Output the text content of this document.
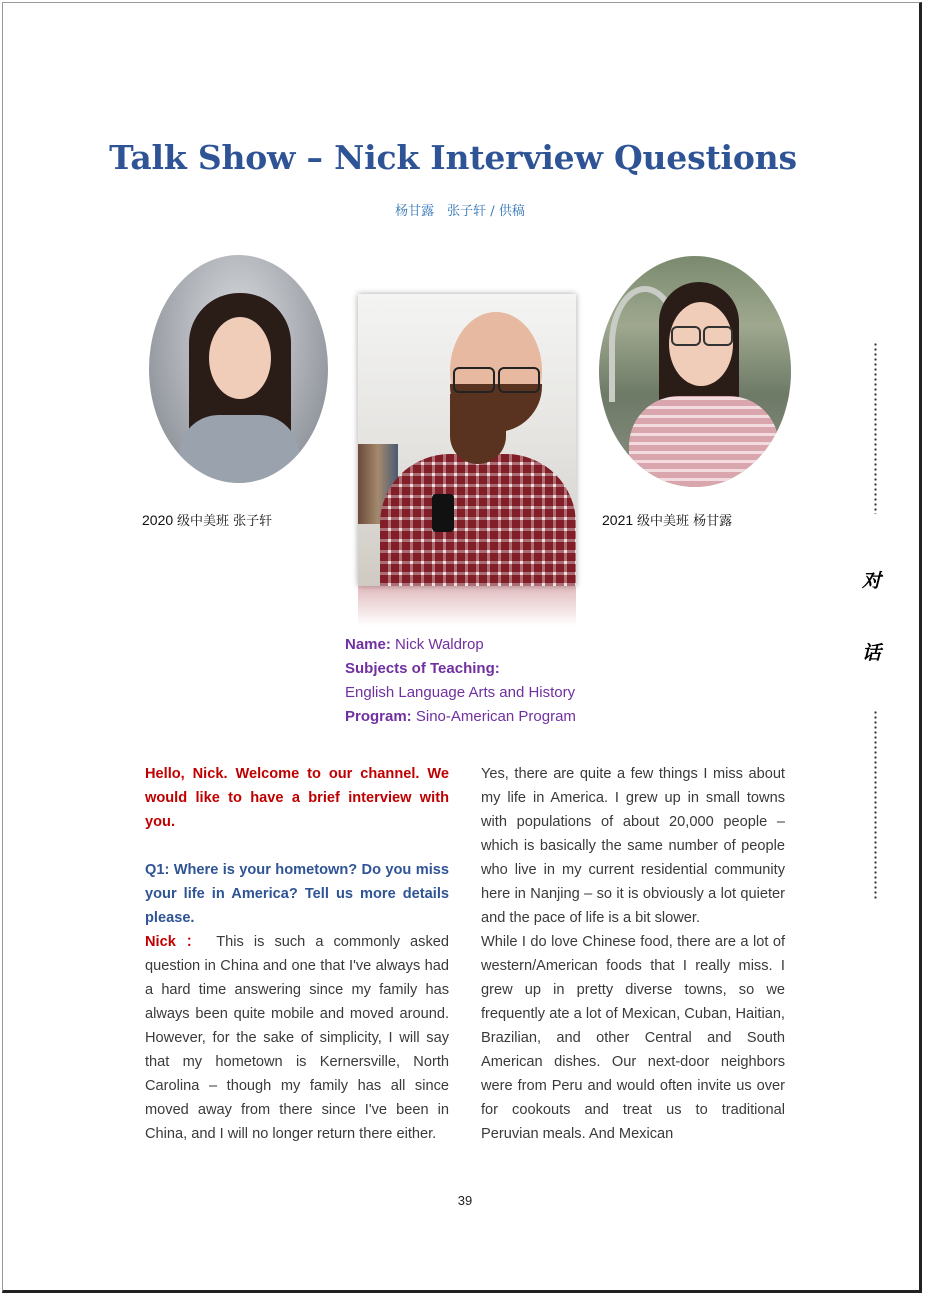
Talk Show – Nick Interview Questions
杨甘露　张子轩 / 供稿
2020 级中美班 张子轩	2021 级中美班 杨甘露
Name: Nick Waldrop
Subjects of Teaching:
English Language Arts and History
Program: Sino-American Program
对
话

Hello, Nick. Welcome to our channel. We would like to have a brief interview with you.

Q1: Where is your hometown? Do you miss your life in America? Tell us more details please.

Nick ： This is such a commonly asked question in China and one that I've always had a hard time answering since my family has always been quite mobile and moved around. However, for the sake of simplicity, I will say that my hometown is Kernersville, North Carolina – though my family has all since moved away from there since I've been in China, and I will no longer return there either.

Yes, there are quite a few things I miss about my life in America. I grew up in small towns with populations of about 20,000 people – which is basically the same number of people who live in my current residential community here in Nanjing – so it is obviously a lot quieter and the pace of life is a bit slower.

While I do love Chinese food, there are a lot of western/American foods that I really miss. I grew up in pretty diverse towns, so we frequently ate a lot of Mexican, Cuban, Haitian, Brazilian, and other Central and South American dishes. Our next-door neighbors were from Peru and would often invite us over for cookouts and treat us to traditional Peruvian meals. And Mexican

39
